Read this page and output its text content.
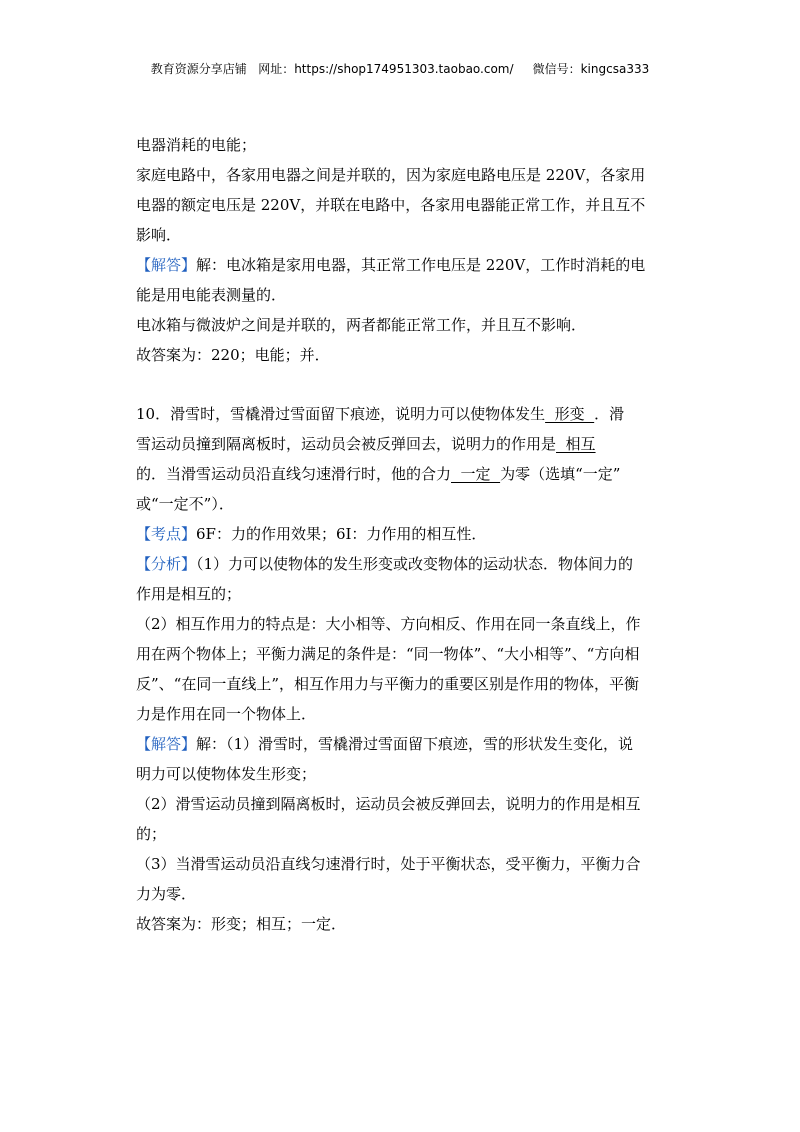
教育资源分享店铺   网址：https://shop174951303.taobao.com/     微信号：kingcsa333

电器消耗的电能；

家庭电路中，各家用电器之间是并联的，因为家庭电路电压是 220V，各家用

电器的额定电压是 220V，并联在电路中，各家用电器能正常工作，并且互不

影响．

【解答】解：电冰箱是家用电器，其正常工作电压是 220V，工作时消耗的电

能是用电能表测量的．

电冰箱与微波炉之间是并联的，两者都能正常工作，并且互不影响．

故答案为：220；电能；并．

10．滑雪时，雪橇滑过雪面留下痕迹，说明力可以使物体发生  形变  ．滑

雪运动员撞到隔离板时，运动员会被反弹回去，说明力的作用是  相互

的．当滑雪运动员沿直线匀速滑行时，他的合力  一定  为零（选填“一定”

或“一定不”）．

【考点】6F：力的作用效果；6I：力作用的相互性．

【分析】（1）力可以使物体的发生形变或改变物体的运动状态．物体间力的

作用是相互的；

（2）相互作用力的特点是：大小相等、方向相反、作用在同一条直线上，作

用在两个物体上；平衡力满足的条件是：“同一物体”、“大小相等”、“方向相

反”、“在同一直线上”，相互作用力与平衡力的重要区别是作用的物体，平衡

力是作用在同一个物体上．

【解答】解：（1）滑雪时，雪橇滑过雪面留下痕迹，雪的形状发生变化，说

明力可以使物体发生形变；

（2）滑雪运动员撞到隔离板时，运动员会被反弹回去，说明力的作用是相互

的；

（3）当滑雪运动员沿直线匀速滑行时，处于平衡状态，受平衡力，平衡力合

力为零．

故答案为：形变；相互；一定．
